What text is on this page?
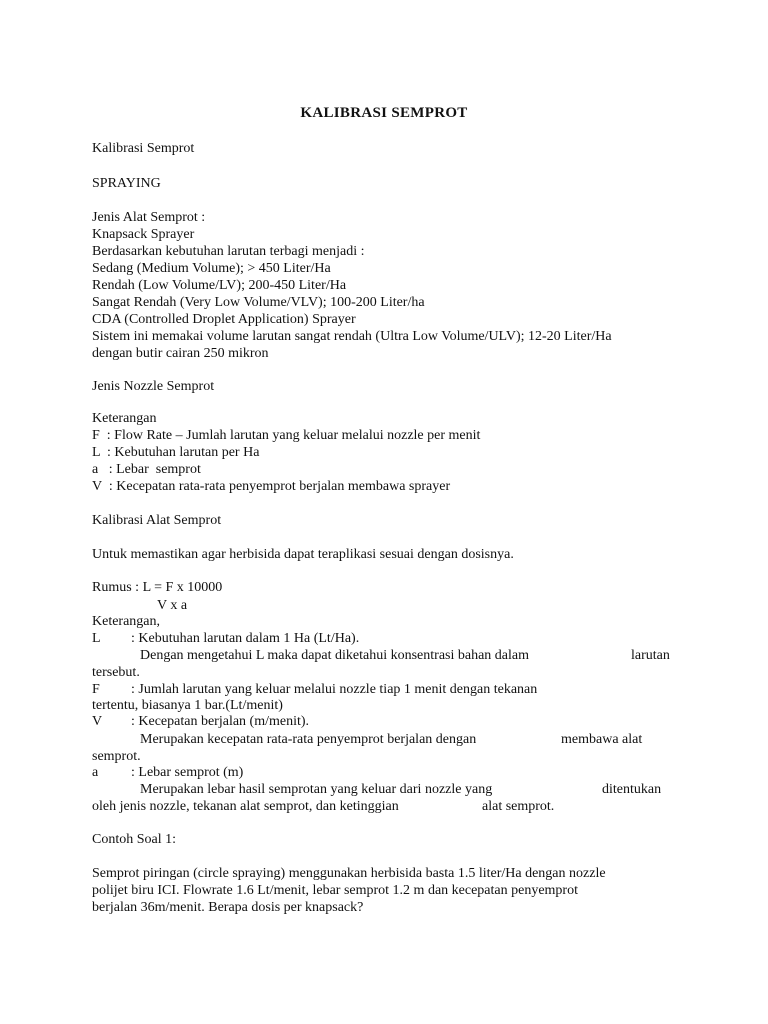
KALIBRASI SEMPROT
Kalibrasi Semprot
SPRAYING
Jenis Alat Semprot :
Knapsack Sprayer
Berdasarkan kebutuhan larutan terbagi menjadi :
Sedang (Medium Volume); > 450 Liter/Ha
Rendah (Low Volume/LV); 200-450 Liter/Ha
Sangat Rendah (Very Low Volume/VLV); 100-200 Liter/ha
CDA (Controlled Droplet Application) Sprayer
Sistem ini memakai volume larutan sangat rendah (Ultra Low Volume/ULV); 12-20 Liter/Ha
dengan butir cairan 250 mikron
Jenis Nozzle Semprot
Keterangan
F  : Flow Rate – Jumlah larutan yang keluar melalui nozzle per menit
L  : Kebutuhan larutan per Ha
a   : Lebar  semprot
V  : Kecepatan rata-rata penyemprot berjalan membawa sprayer
Kalibrasi Alat Semprot
Untuk memastikan agar herbisida dapat teraplikasi sesuai dengan dosisnya.
Rumus : L = F x 10000
V x a
Keterangan,
L : Kebutuhan larutan dalam 1 Ha (Lt/Ha).
Dengan mengetahui L maka dapat diketahui konsentrasi bahan dalam	larutan
tersebut.
F : Jumlah larutan yang keluar melalui nozzle tiap 1 menit dengan tekanan
tertentu, biasanya 1 bar.(Lt/menit)
V : Kecepatan berjalan (m/menit).
Merupakan kecepatan rata-rata penyemprot berjalan dengan	membawa alat
semprot.
a : Lebar semprot (m)
Merupakan lebar hasil semprotan yang keluar dari nozzle yang	ditentukan
oleh jenis nozzle, tekanan alat semprot, dan ketinggian	alat semprot.
Contoh Soal 1:
Semprot piringan (circle spraying) menggunakan herbisida basta 1.5 liter/Ha dengan nozzle
polijet biru ICI. Flowrate 1.6 Lt/menit, lebar semprot 1.2 m dan kecepatan penyemprot
berjalan 36m/menit. Berapa dosis per knapsack?
